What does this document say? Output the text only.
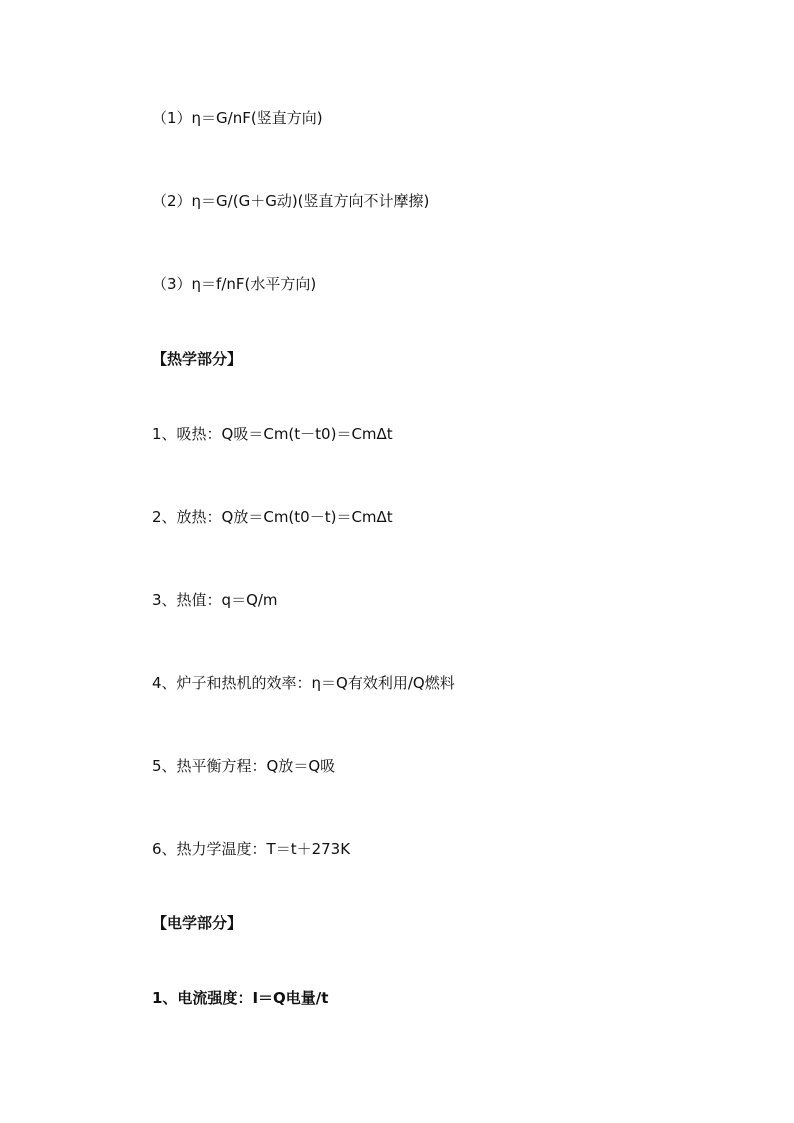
（1）η＝G/nF(竖直方向)
（2）η＝G/(G＋G动)(竖直方向不计摩擦)
（3）η＝f/nF(水平方向)
【热学部分】
1、吸热：Q吸＝Cm(t－t0)＝CmΔt
2、放热：Q放＝Cm(t0－t)＝CmΔt
3、热值：q＝Q/m
4、炉子和热机的效率：η＝Q有效利用/Q燃料
5、热平衡方程：Q放＝Q吸
6、热力学温度：T＝t＋273K
【电学部分】
1、电流强度：I＝Q电量/t
